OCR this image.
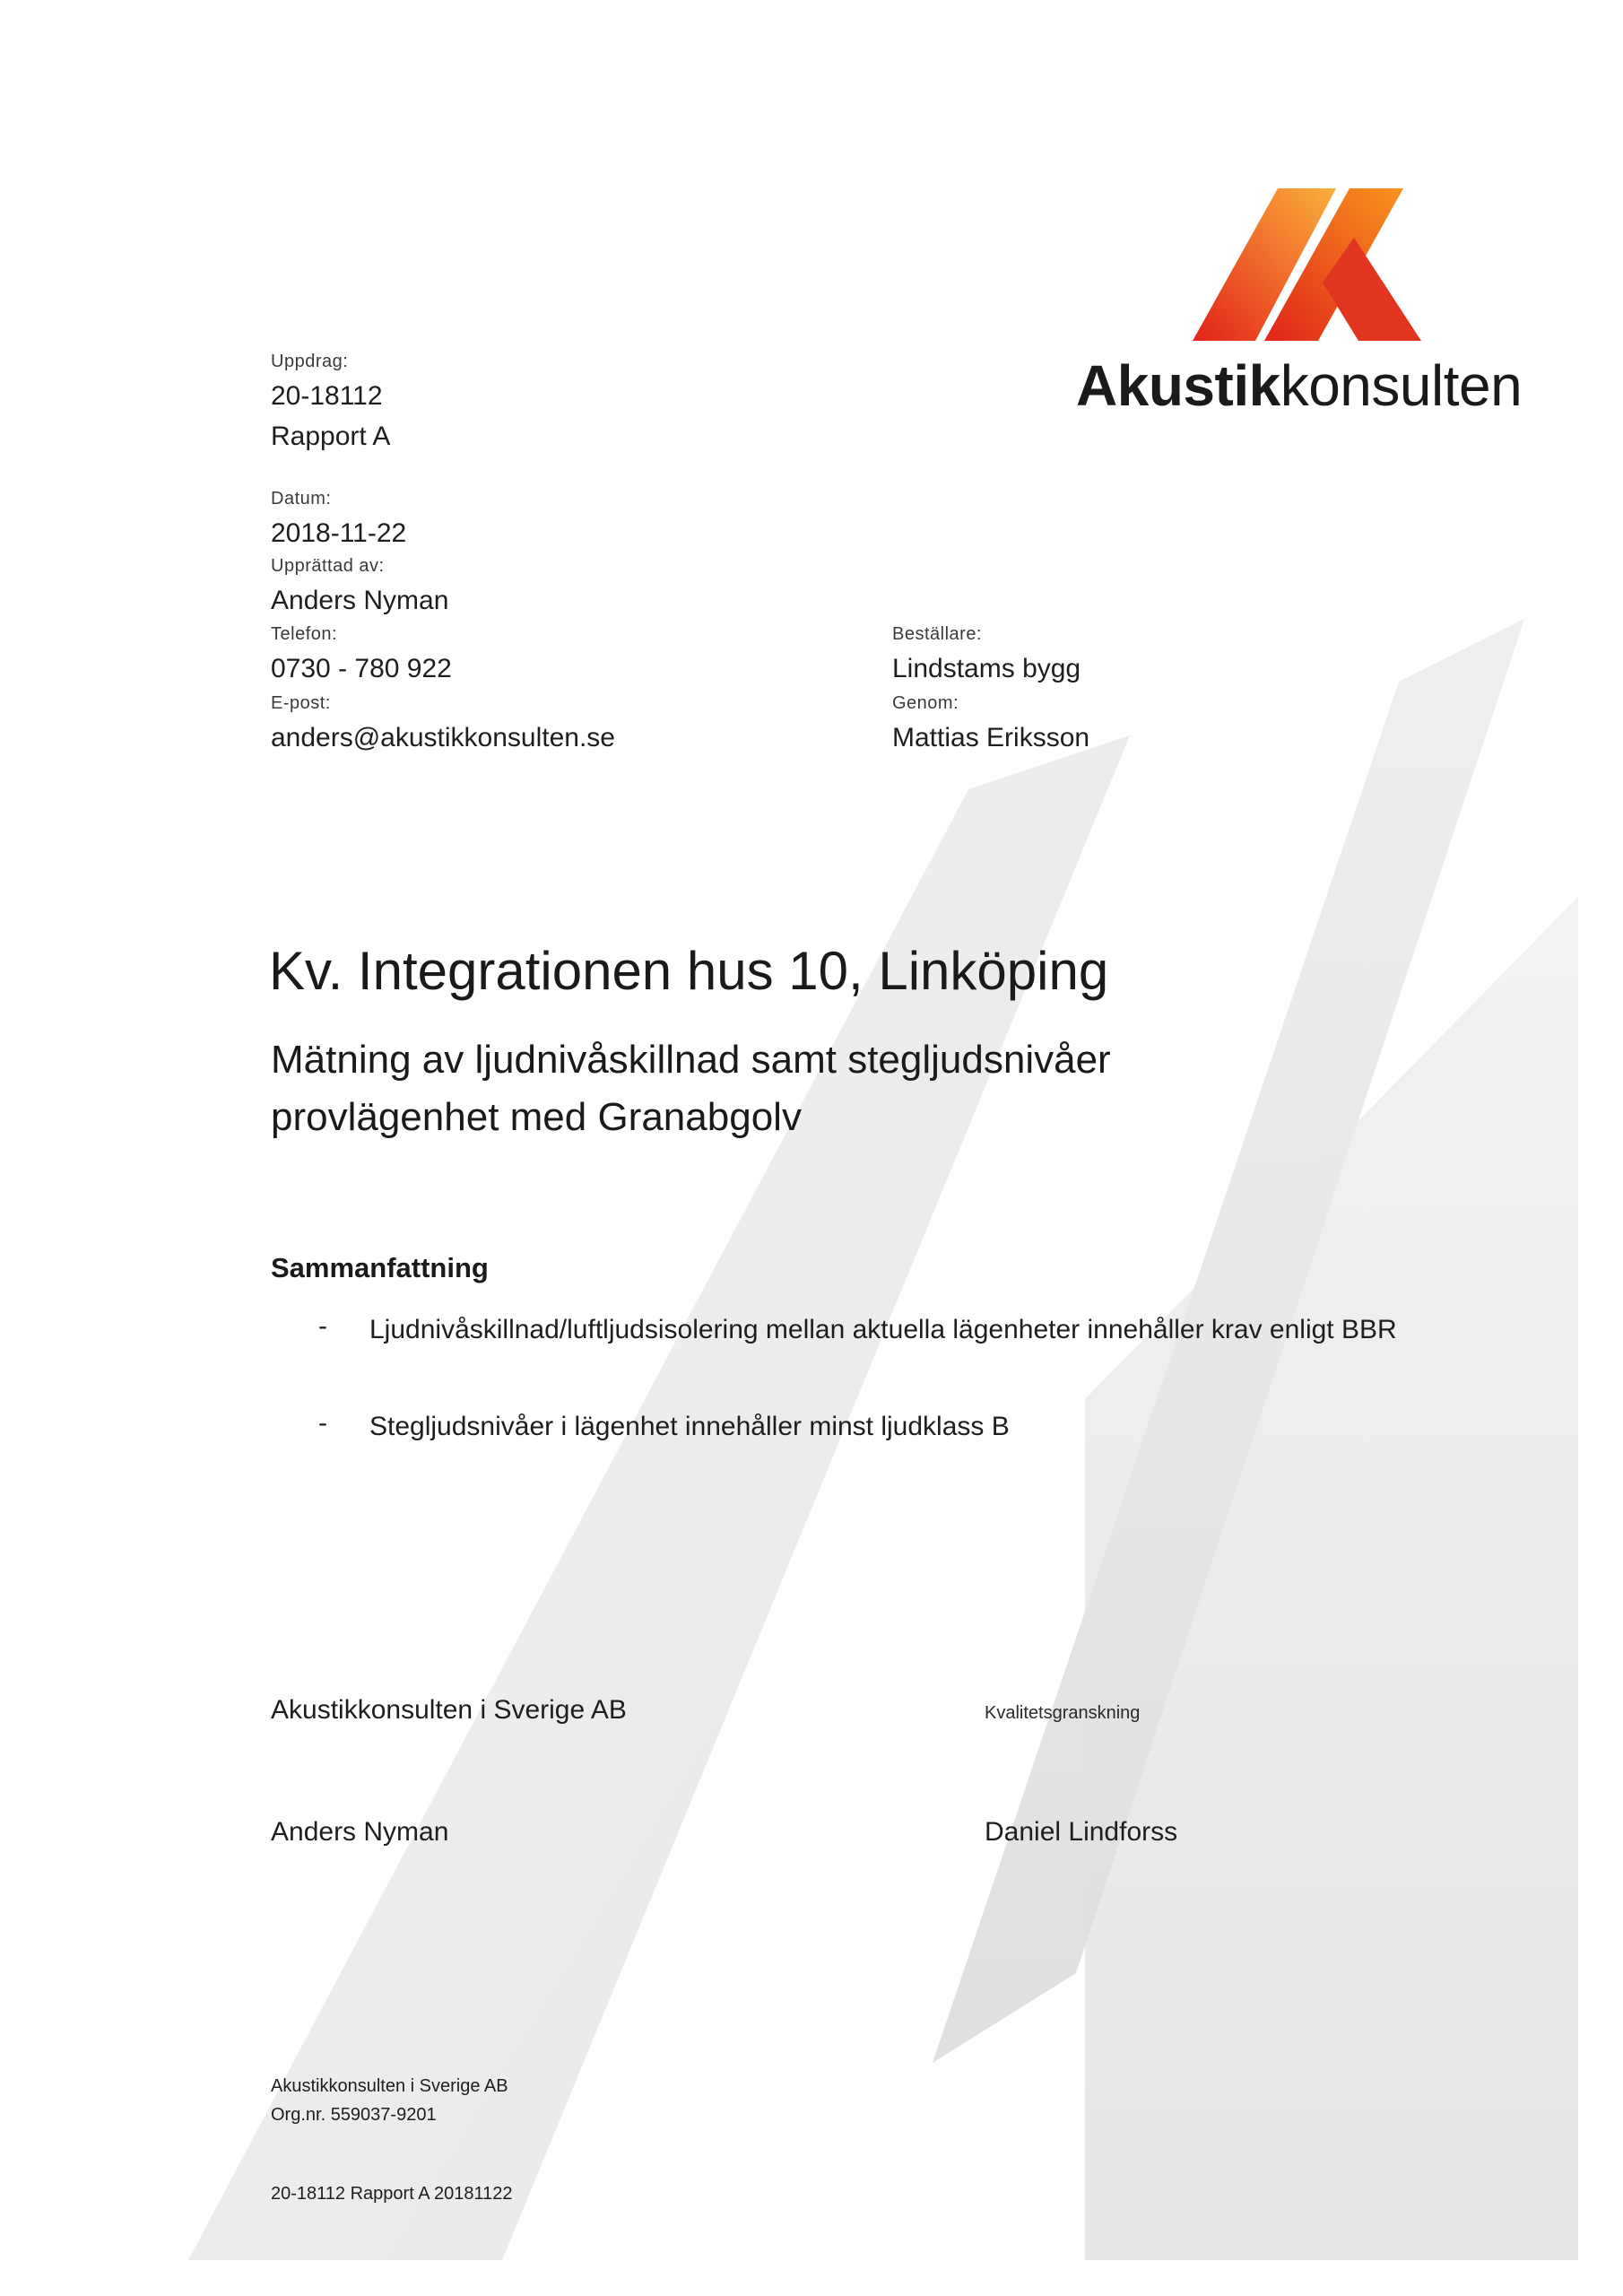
Akustikkonsulten
Uppdrag:
20-18112
Rapport A
Datum:
2018-11-22
Upprättad av:
Anders Nyman
Telefon:
0730 - 780 922
E-post:
anders@akustikkonsulten.se
Beställare:
Lindstams bygg
Genom:
Mattias Eriksson
Kv. Integrationen hus 10, Linköping
Mätning av ljudnivåskillnad samt stegljudsnivåer
provlägenhet med Granabgolv
Sammanfattning
- Ljudnivåskillnad/luftljudsisolering mellan aktuella lägenheter innehåller krav enligt BBR
- Stegljudsnivåer i lägenhet innehåller minst ljudklass B
Akustikkonsulten i Sverige AB	Kvalitetsgranskning
Anders Nyman	Daniel Lindforss
Akustikkonsulten i Sverige AB
Org.nr. 559037-9201
20-18112 Rapport A 20181122
